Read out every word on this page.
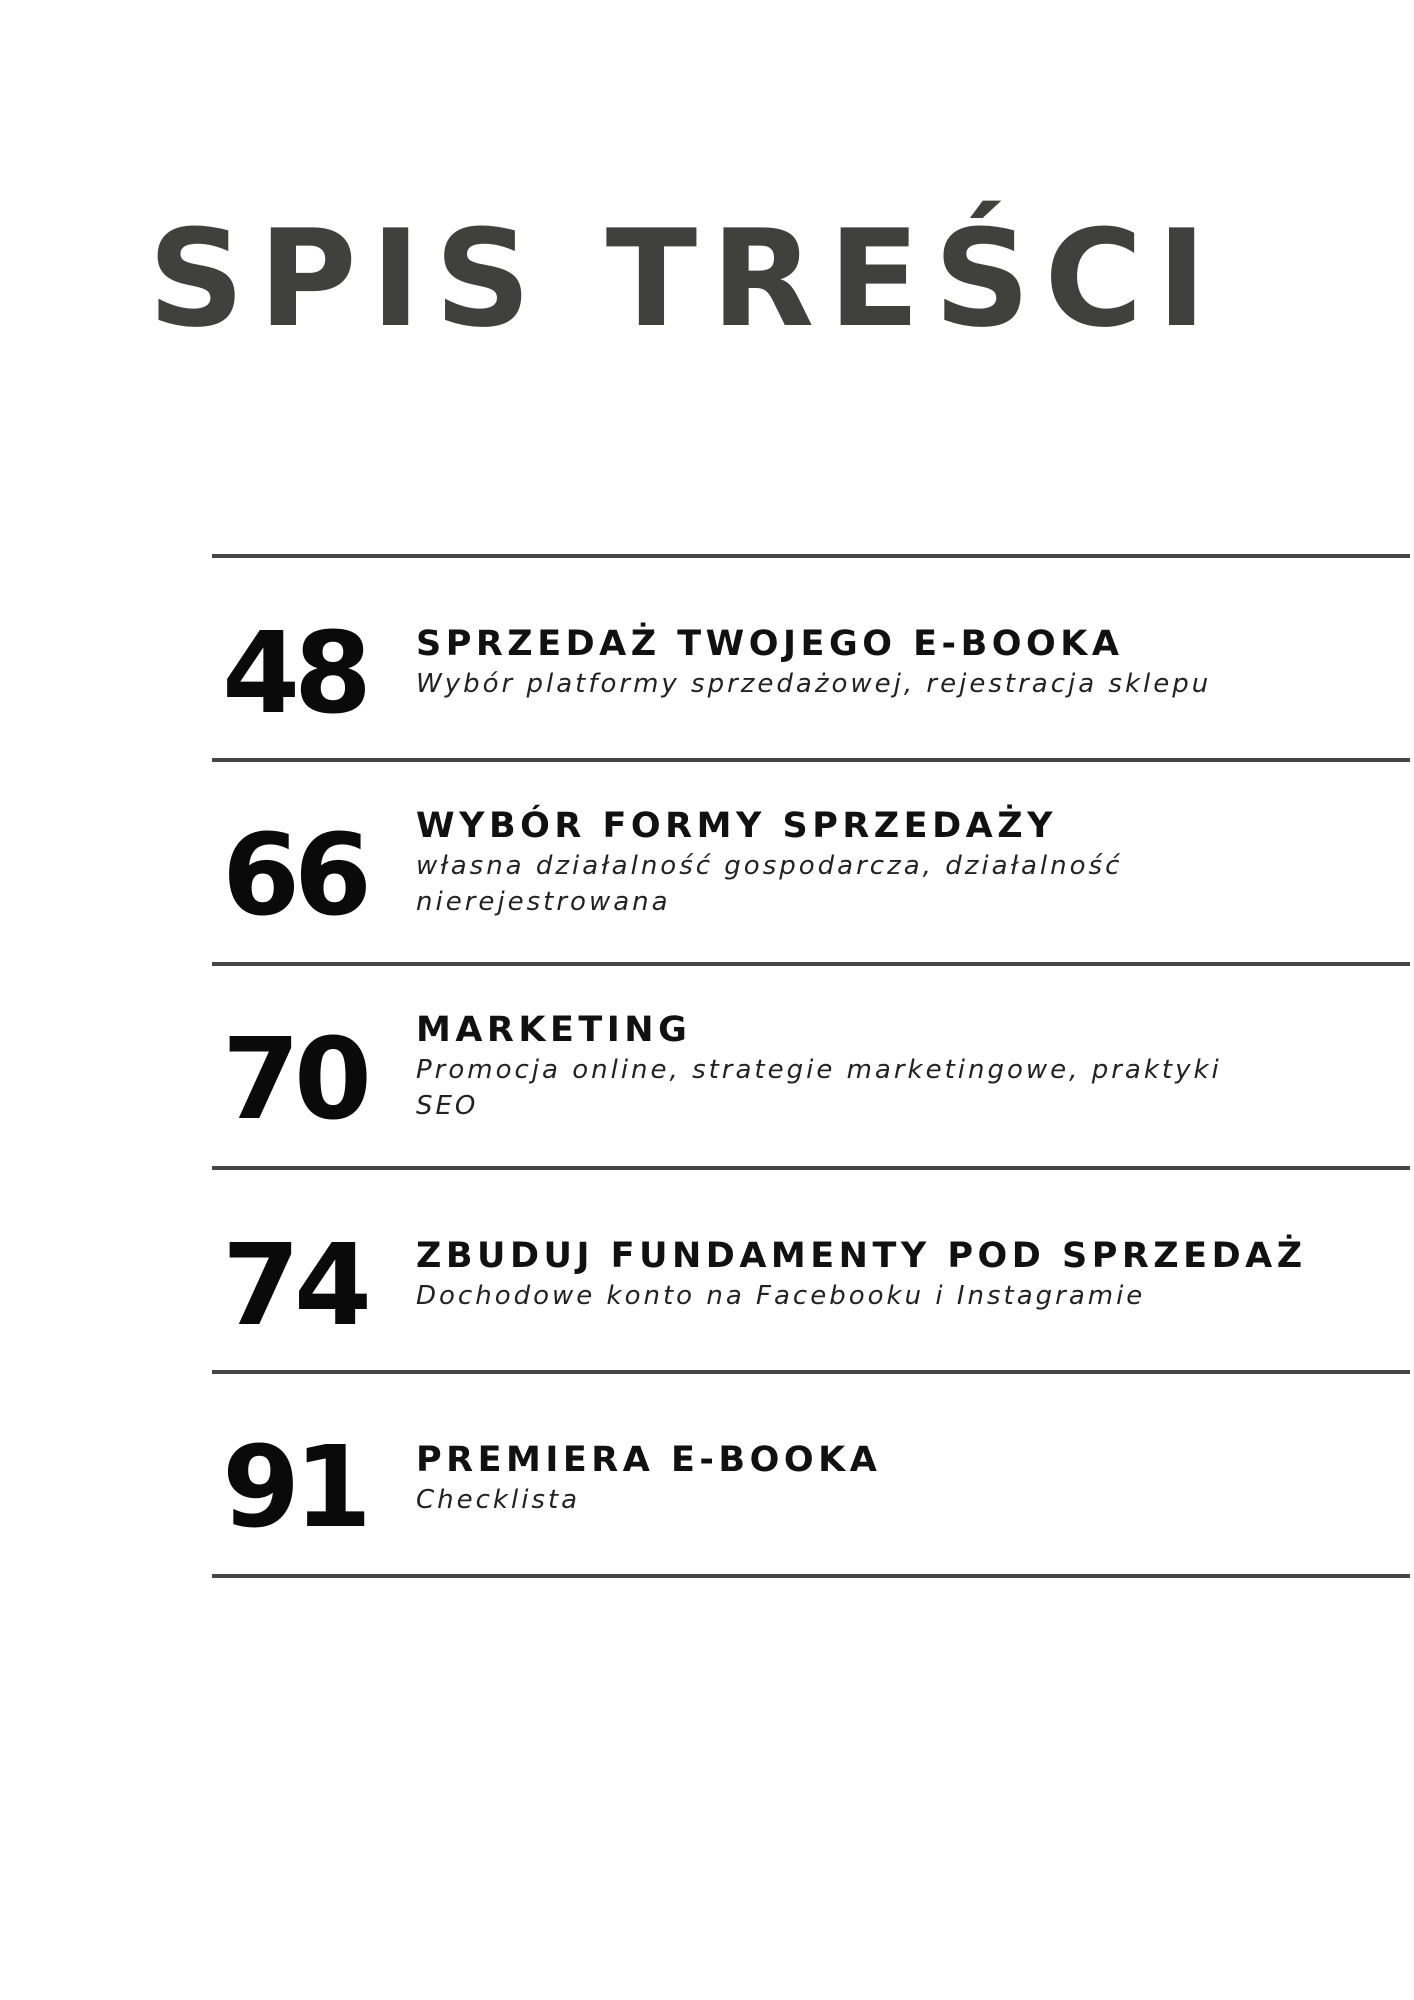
SPIS TREŚCI
48 SPRZEDAŻ TWOJEGO E-BOOKA
Wybór platformy sprzedażowej, rejestracja sklepu
66 WYBÓR FORMY SPRZEDAŻY
własna działalność gospodarcza, działalność nierejestrowana
70 MARKETING
Promocja online, strategie marketingowe, praktyki SEO
74 ZBUDUJ FUNDAMENTY POD SPRZEDAŻ
Dochodowe konto na Facebooku i Instagramie
91 PREMIERA E-BOOKA
Checklista
